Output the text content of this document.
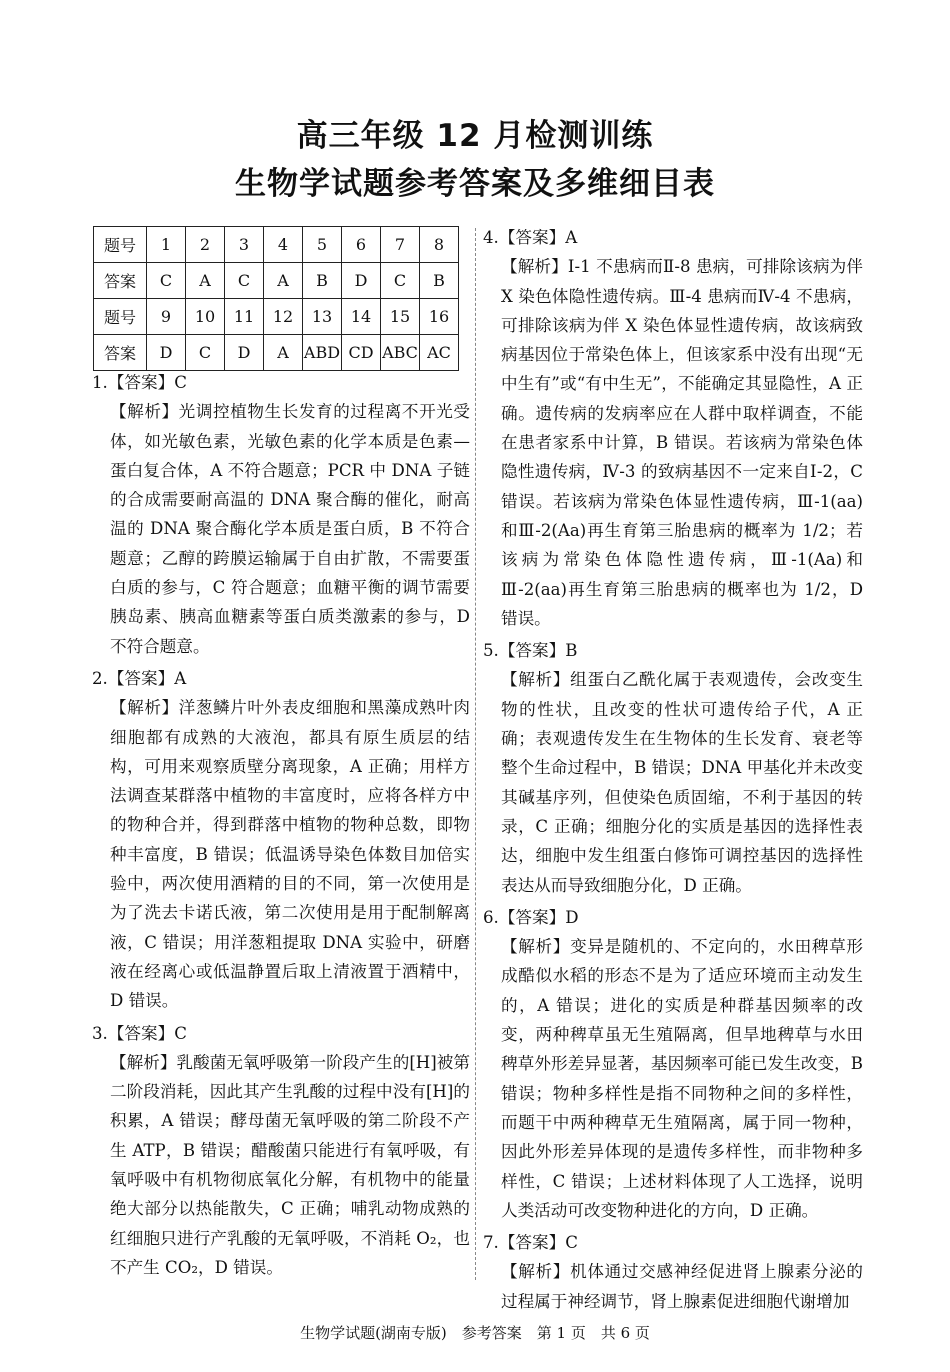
高三年级 12 月检测训练
生物学试题参考答案及多维细目表
题号	1	2	3	4	5	6	7	8
答案	C	A	C	A	B	D	C	B
题号	9	10	11	12	13	14	15	16
答案	D	C	D	A	ABD	CD	ABC	AC

1.【答案】C

【解析】光调控植物生长发育的过程离不开光受体，如光敏色素，光敏色素的化学本质是色素—蛋白复合体，A 不符合题意；PCR 中 DNA 子链的合成需要耐高温的 DNA 聚合酶的催化，耐高温的 DNA 聚合酶化学本质是蛋白质，B 不符合题意；乙醇的跨膜运输属于自由扩散，不需要蛋白质的参与，C 符合题意；血糖平衡的调节需要胰岛素、胰高血糖素等蛋白质类激素的参与，D 不符合题意。

2.【答案】A

【解析】洋葱鳞片叶外表皮细胞和黑藻成熟叶肉细胞都有成熟的大液泡，都具有原生质层的结构，可用来观察质壁分离现象，A 正确；用样方法调查某群落中植物的丰富度时，应将各样方中的物种合并，得到群落中植物的物种总数，即物种丰富度，B 错误；低温诱导染色体数目加倍实验中，两次使用酒精的目的不同，第一次使用是为了洗去卡诺氏液，第二次使用是用于配制解离液，C 错误；用洋葱粗提取 DNA 实验中，研磨液在经离心或低温静置后取上清液置于酒精中，D 错误。

3.【答案】C

【解析】乳酸菌无氧呼吸第一阶段产生的[H]被第二阶段消耗，因此其产生乳酸的过程中没有[H]的积累，A 错误；酵母菌无氧呼吸的第二阶段不产生 ATP，B 错误；醋酸菌只能进行有氧呼吸，有氧呼吸中有机物彻底氧化分解，有机物中的能量绝大部分以热能散失，C 正确；哺乳动物成熟的红细胞只进行产乳酸的无氧呼吸，不消耗 O₂，也不产生 CO₂，D 错误。

4.【答案】A

【解析】Ⅰ-1 不患病而Ⅱ-8 患病，可排除该病为伴 X 染色体隐性遗传病。Ⅲ-4 患病而Ⅳ-4 不患病，可排除该病为伴 X 染色体显性遗传病，故该病致病基因位于常染色体上，但该家系中没有出现“无中生有”或“有中生无”，不能确定其显隐性，A 正确。遗传病的发病率应在人群中取样调查，不能在患者家系中计算，B 错误。若该病为常染色体隐性遗传病，Ⅳ-3 的致病基因不一定来自Ⅰ-2，C 错误。若该病为常染色体显性遗传病，Ⅲ-1(aa)和Ⅲ-2(Aa)再生育第三胎患病的概率为 1/2；若该病为常染色体隐性遗传病，Ⅲ-1(Aa)和Ⅲ-2(aa)再生育第三胎患病的概率也为 1/2，D 错误。

5.【答案】B

【解析】组蛋白乙酰化属于表观遗传，会改变生物的性状，且改变的性状可遗传给子代，A 正确；表观遗传发生在生物体的生长发育、衰老等整个生命过程中，B 错误；DNA 甲基化并未改变其碱基序列，但使染色质固缩，不利于基因的转录，C 正确；细胞分化的实质是基因的选择性表达，细胞中发生组蛋白修饰可调控基因的选择性表达从而导致细胞分化，D 正确。

6.【答案】D

【解析】变异是随机的、不定向的，水田稗草形成酷似水稻的形态不是为了适应环境而主动发生的，A 错误；进化的实质是种群基因频率的改变，两种稗草虽无生殖隔离，但旱地稗草与水田稗草外形差异显著，基因频率可能已发生改变，B 错误；物种多样性是指不同物种之间的多样性，而题干中两种稗草无生殖隔离，属于同一物种，因此外形差异体现的是遗传多样性，而非物种多样性，C 错误；上述材料体现了人工选择，说明人类活动可改变物种进化的方向，D 正确。

7.【答案】C

【解析】机体通过交感神经促进肾上腺素分泌的过程属于神经调节，肾上腺素促进细胞代谢增加

生物学试题(湖南专版)　参考答案　第 1 页　共 6 页
